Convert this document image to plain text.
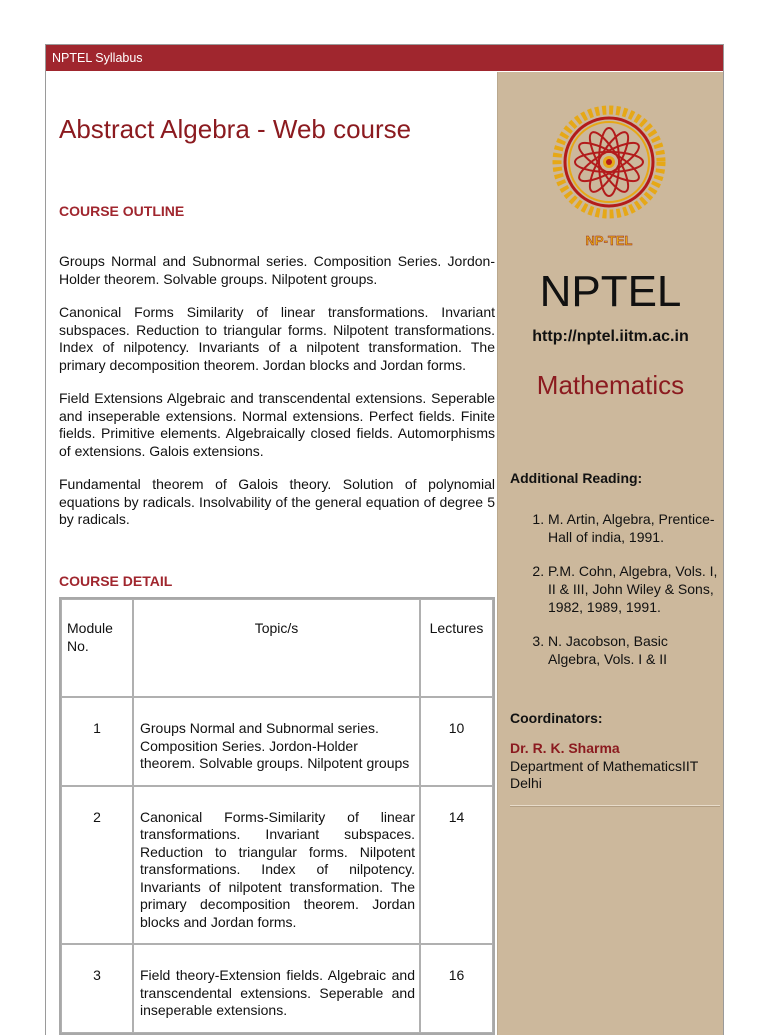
NPTEL Syllabus
Abstract Algebra - Web course
COURSE OUTLINE

Groups Normal and Subnormal series. Composition Series. Jordon-Holder theorem. Solvable groups. Nilpotent groups.

Canonical Forms Similarity of linear transformations. Invariant subspaces. Reduction to triangular forms. Nilpotent transformations. Index of nilpotency. Invariants of a nilpotent transformation. The primary decomposition theorem. Jordan blocks and Jordan forms.

Field Extensions Algebraic and transcendental extensions. Seperable and inseperable extensions. Normal extensions. Perfect fields. Finite fields. Primitive elements. Algebraically closed fields. Automorphisms of extensions. Galois extensions.

Fundamental theorem of Galois theory. Solution of polynomial equations by radicals. Insolvability of the general equation of degree 5 by radicals.

COURSE DETAIL
Module No.	Topic/s	Lectures
1	Groups Normal and Subnormal series. Composition Series. Jordon-Holder theorem. Solvable groups. Nilpotent groups	10
2	Canonical Forms-Similarity of linear transformations. Invariant subspaces. Reduction to triangular forms. Nilpotent transformations. Index of nilpotency. Invariants of nilpotent transformation. The primary decomposition theorem. Jordan blocks and Jordan forms.	14
3	Field theory-Extension fields. Algebraic and transcendental extensions. Seperable and inseperable extensions.	16
NP-TEL
NPTEL
http://nptel.iitm.ac.in
Mathematics
Additional Reading:
1. M. Artin, Algebra, Prentice-Hall of india, 1991.
2. P.M. Cohn, Algebra, Vols. I, II & III, John Wiley & Sons, 1982, 1989, 1991.
3. N. Jacobson, Basic Algebra, Vols. I & II
Coordinators:
Dr. R. K. Sharma
Department of MathematicsIIT Delhi
